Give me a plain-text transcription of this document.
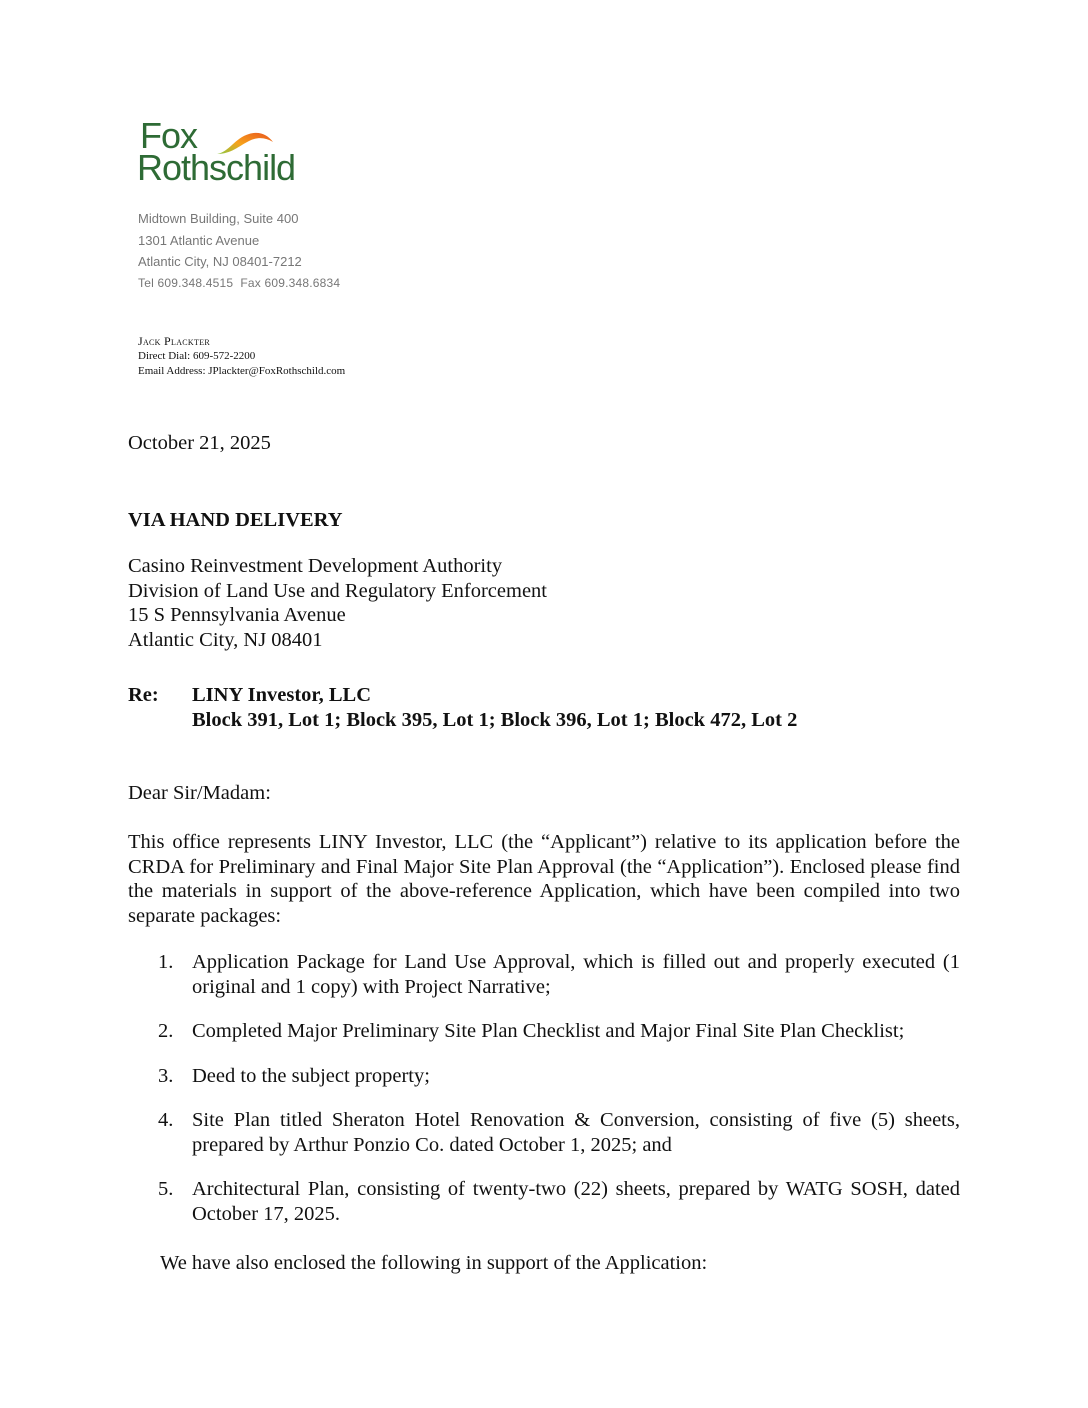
Fox
Rothschild
Midtown Building, Suite 400
1301 Atlantic Avenue
Atlantic City, NJ 08401-7212
Tel 609.348.4515  Fax 609.348.6834
Jack Plackter
Direct Dial: 609-572-2200
Email Address: JPlackter@FoxRothschild.com
October 21, 2025
VIA HAND DELIVERY
Casino Reinvestment Development Authority
Division of Land Use and Regulatory Enforcement
15 S Pennsylvania Avenue
Atlantic City, NJ 08401
Re: LINY Investor, LLC
Block 391, Lot 1; Block 395, Lot 1; Block 396, Lot 1; Block 472, Lot 2
Dear Sir/Madam:
This office represents LINY Investor, LLC (the “Applicant”) relative to its application before the CRDA for Preliminary and Final Major Site Plan Approval (the “Application”). Enclosed please find the materials in support of the above-reference Application, which have been compiled into two separate packages:
1. Application Package for Land Use Approval, which is filled out and properly executed (1 original and 1 copy) with Project Narrative;
2. Completed Major Preliminary Site Plan Checklist and Major Final Site Plan Checklist;
3. Deed to the subject property;
4. Site Plan titled Sheraton Hotel Renovation & Conversion, consisting of five (5) sheets, prepared by Arthur Ponzio Co. dated October 1, 2025; and
5. Architectural Plan, consisting of twenty-two (22) sheets, prepared by WATG SOSH, dated October 17, 2025.
We have also enclosed the following in support of the Application:
